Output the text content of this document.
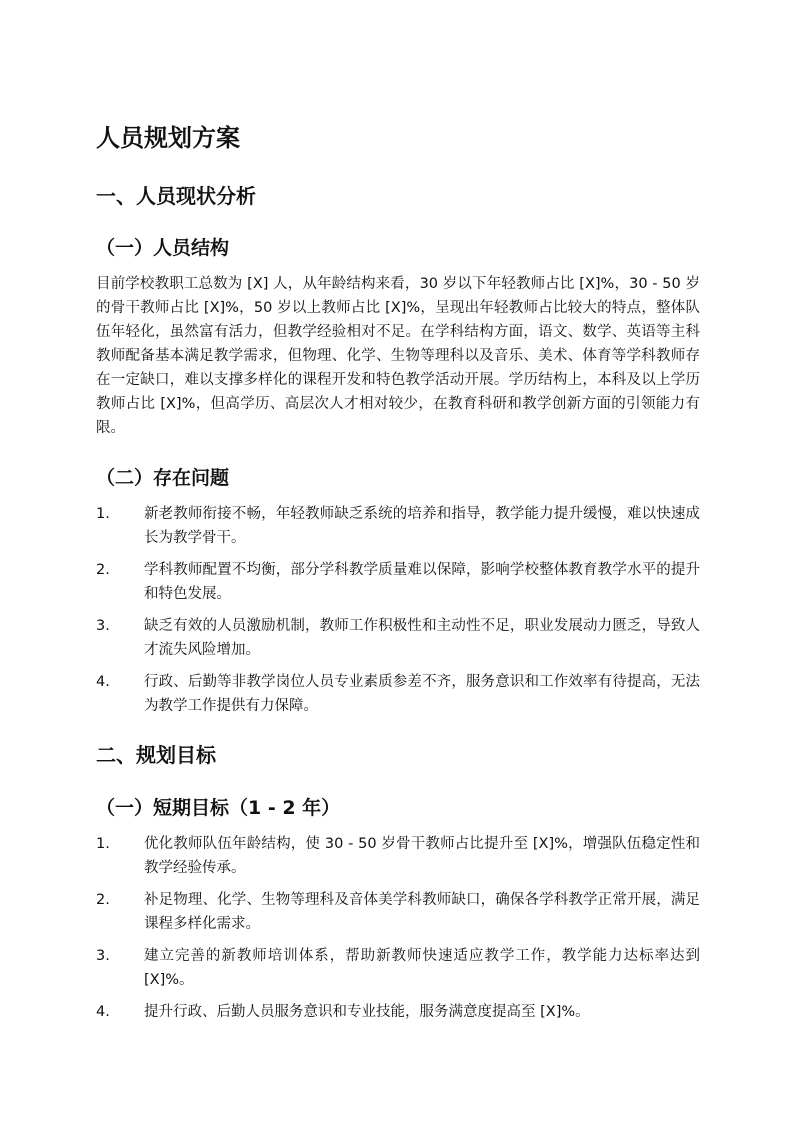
人员规划方案
一、人员现状分析
（一）人员结构

目前学校教职工总数为 [X] 人，从年龄结构来看，30 岁以下年轻教师占比 [X]%，30 - 50 岁的骨干教师占比 [X]%，50 岁以上教师占比 [X]%，呈现出年轻教师占比较大的特点，整体队伍年轻化，虽然富有活力，但教学经验相对不足。在学科结构方面，语文、数学、英语等主科教师配备基本满足教学需求，但物理、化学、生物等理科以及音乐、美术、体育等学科教师存在一定缺口，难以支撑多样化的课程开发和特色教学活动开展。学历结构上，本科及以上学历教师占比 [X]%，但高学历、高层次人才相对较少，在教育科研和教学创新方面的引领能力有限。

（二）存在问题
1.	新老教师衔接不畅，年轻教师缺乏系统的培养和指导，教学能力提升缓慢，难以快速成长为教学骨干。
2.	学科教师配置不均衡，部分学科教学质量难以保障，影响学校整体教育教学水平的提升和特色发展。
3.	缺乏有效的人员激励机制，教师工作积极性和主动性不足，职业发展动力匮乏，导致人才流失风险增加。
4.	行政、后勤等非教学岗位人员专业素质参差不齐，服务意识和工作效率有待提高，无法为教学工作提供有力保障。
二、规划目标
（一）短期目标（1 - 2 年）
1.	优化教师队伍年龄结构，使 30 - 50 岁骨干教师占比提升至 [X]%，增强队伍稳定性和教学经验传承。
2.	补足物理、化学、生物等理科及音体美学科教师缺口，确保各学科教学正常开展，满足课程多样化需求。
3.	建立完善的新教师培训体系，帮助新教师快速适应教学工作，教学能力达标率达到 [X]%。
4.	提升行政、后勤人员服务意识和专业技能，服务满意度提高至 [X]%。
